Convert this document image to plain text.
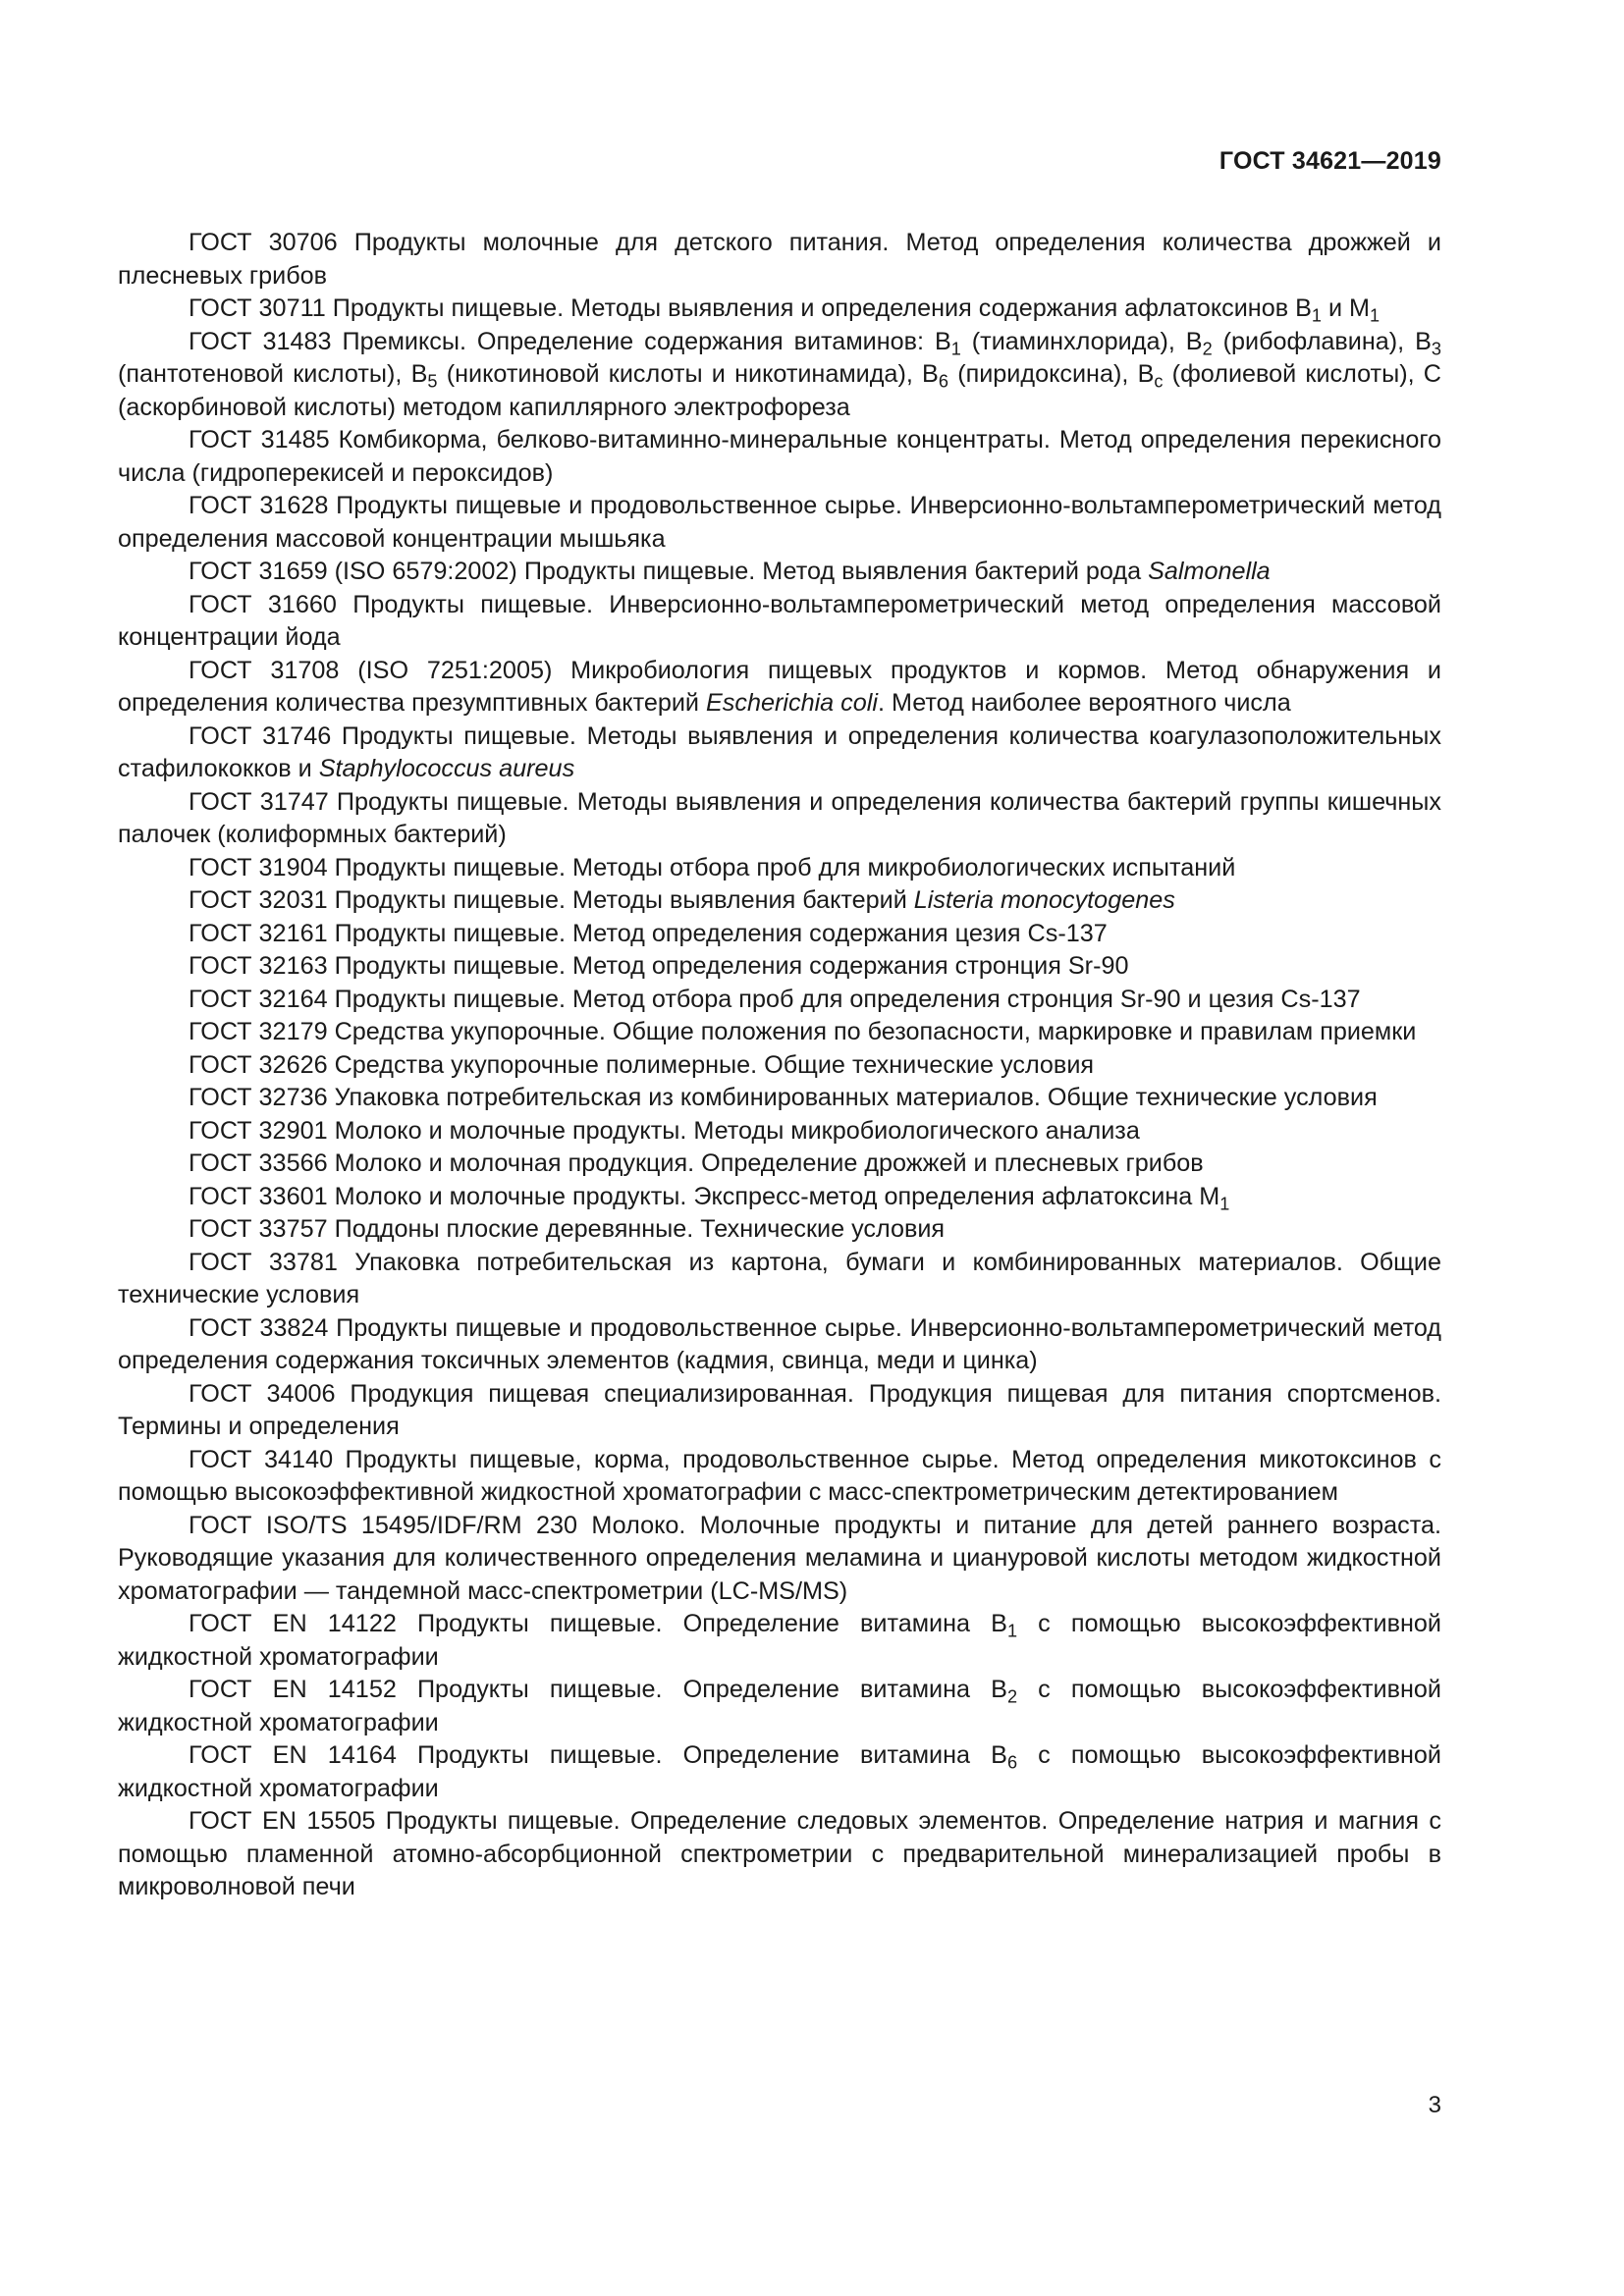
ГОСТ 34621—2019

ГОСТ 30706 Продукты молочные для детского питания. Метод определения количества дрожжей и плесневых грибов

ГОСТ 30711 Продукты пищевые. Методы выявления и определения содержания афлатоксинов $B_1$ и $M_1$

ГОСТ 31483 Премиксы. Определение содержания витаминов: $B_1$ (тиаминхлорида), $B_2$ (рибофлавина), $B_3$ (пантотеновой кислоты), $B_5$ (никотиновой кислоты и никотинамида), $B_6$ (пиридоксина), $B_c$ (фолиевой кислоты), C (аскорбиновой кислоты) методом капиллярного электрофореза

ГОСТ 31485 Комбикорма, белково-витаминно-минеральные концентраты. Метод определения перекисного числа (гидроперекисей и пероксидов)

ГОСТ 31628 Продукты пищевые и продовольственное сырье. Инверсионно-вольтамперометрический метод определения массовой концентрации мышьяка

ГОСТ 31659 (ISO 6579:2002) Продукты пищевые. Метод выявления бактерий рода Salmonella

ГОСТ 31660 Продукты пищевые. Инверсионно-вольтамперометрический метод определения массовой концентрации йода

ГОСТ 31708 (ISO 7251:2005) Микробиология пищевых продуктов и кормов. Метод обнаружения и определения количества презумптивных бактерий Escherichia coli. Метод наиболее вероятного числа

ГОСТ 31746 Продукты пищевые. Методы выявления и определения количества коагулазоположительных стафилококков и Staphylococcus aureus

ГОСТ 31747 Продукты пищевые. Методы выявления и определения количества бактерий группы кишечных палочек (колиформных бактерий)

ГОСТ 31904 Продукты пищевые. Методы отбора проб для микробиологических испытаний

ГОСТ 32031 Продукты пищевые. Методы выявления бактерий Listeria monocytogenes

ГОСТ 32161 Продукты пищевые. Метод определения содержания цезия Cs-137

ГОСТ 32163 Продукты пищевые. Метод определения содержания стронция Sr-90

ГОСТ 32164 Продукты пищевые. Метод отбора проб для определения стронция Sr-90 и цезия Cs-137

ГОСТ 32179 Средства укупорочные. Общие положения по безопасности, маркировке и правилам приемки

ГОСТ 32626 Средства укупорочные полимерные. Общие технические условия

ГОСТ 32736 Упаковка потребительская из комбинированных материалов. Общие технические условия

ГОСТ 32901 Молоко и молочные продукты. Методы микробиологического анализа

ГОСТ 33566 Молоко и молочная продукция. Определение дрожжей и плесневых грибов

ГОСТ 33601 Молоко и молочные продукты. Экспресс-метод определения афлатоксина $M_1$

ГОСТ 33757 Поддоны плоские деревянные. Технические условия

ГОСТ 33781 Упаковка потребительская из картона, бумаги и комбинированных материалов. Общие технические условия

ГОСТ 33824 Продукты пищевые и продовольственное сырье. Инверсионно-вольтамперометрический метод определения содержания токсичных элементов (кадмия, свинца, меди и цинка)

ГОСТ 34006 Продукция пищевая специализированная. Продукция пищевая для питания спортсменов. Термины и определения

ГОСТ 34140 Продукты пищевые, корма, продовольственное сырье. Метод определения микотоксинов с помощью высокоэффективной жидкостной хроматографии с масс-спектрометрическим детектированием

ГОСТ ISO/TS 15495/IDF/RM 230 Молоко. Молочные продукты и питание для детей раннего возраста. Руководящие указания для количественного определения меламина и циануровой кислоты методом жидкостной хроматографии — тандемной масс-спектрометрии (LC-MS/MS)

ГОСТ EN 14122 Продукты пищевые. Определение витамина $B_1$ с помощью высокоэффективной жидкостной хроматографии

ГОСТ EN 14152 Продукты пищевые. Определение витамина $B_2$ с помощью высокоэффективной жидкостной хроматографии

ГОСТ EN 14164 Продукты пищевые. Определение витамина $B_6$ с помощью высокоэффективной жидкостной хроматографии

ГОСТ EN 15505 Продукты пищевые. Определение следовых элементов. Определение натрия и магния с помощью пламенной атомно-абсорбционной спектрометрии с предварительной минерализацией пробы в микроволновой печи

3
